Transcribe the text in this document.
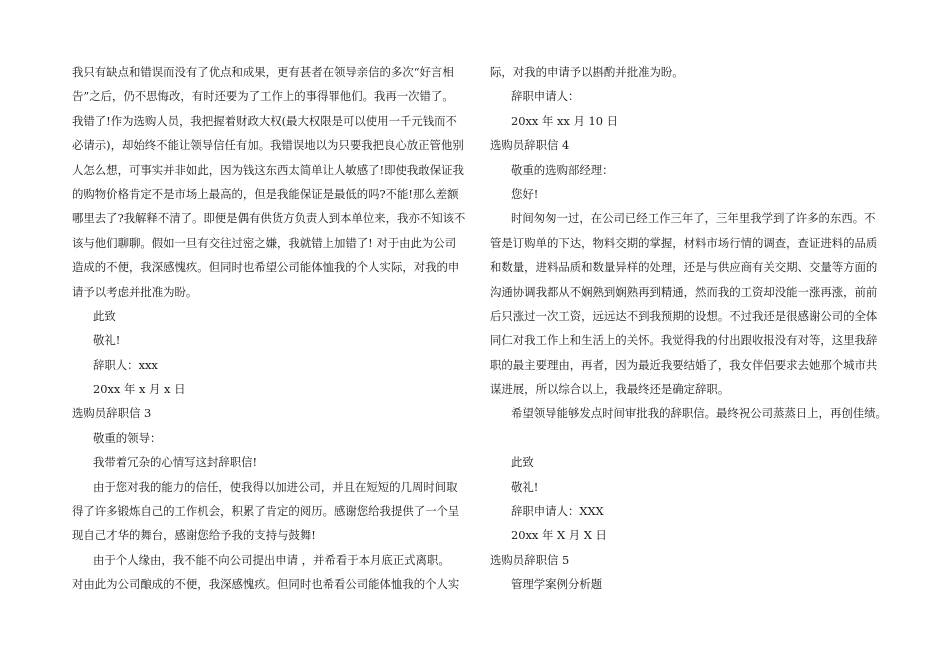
我只有缺点和错误而没有了优点和成果，更有甚者在领导亲信的多次“好言相
告”之后，仍不思悔改，有时还要为了工作上的事得罪他们。我再一次错了。
我错了!作为选购人员，我把握着财政大权(最大权限是可以使用一千元钱而不
必请示)，却始终不能让领导信任有加。我错误地以为只要我把良心放正管他别
人怎么想，可事实并非如此，因为钱这东西太简单让人敏感了!即使我敢保证我
的购物价格肯定不是市场上最高的，但是我能保证是最低的吗?不能!那么差额
哪里去了?我解释不清了。即便是偶有供货方负责人到本单位来，我亦不知该不
该与他们聊聊。假如一旦有交往过密之嫌，我就错上加错了! 对于由此为公司
造成的不便，我深感愧疚。但同时也希望公司能体恤我的个人实际，对我的申
请予以考虑并批准为盼。
此致
敬礼!
辞职人：xxx
20xx 年 x 月 x 日
选购员辞职信 3
敬重的领导：
我带着冗杂的心情写这封辞职信!
由于您对我的能力的信任，使我得以加进公司，并且在短短的几周时间取
得了许多锻炼自己的工作机会，积累了肯定的阅历。感谢您给我提供了一个呈
现自己才华的舞台，感谢您给予我的支持与鼓舞!
由于个人缘由，我不能不向公司提出申请 ，并希看于本月底正式离职。
对由此为公司酿成的不便，我深感愧疚。但同时也希看公司能体恤我的个人实
际，对我的申请予以斟酌并批准为盼。
辞职申请人：
20xx 年 xx 月 10 日
选购员辞职信 4
敬重的选购部经理：
您好!
时间匆匆一过，在公司已经工作三年了，三年里我学到了许多的东西。不
管是订购单的下达，物料交期的掌握，材料市场行情的调查，查证进料的品质
和数量，进料品质和数量异样的处理，还是与供应商有关交期、交量等方面的
沟通协调我都从不娴熟到娴熟再到精通，然而我的工资却没能一涨再涨，前前
后只涨过一次工资，远远达不到我预期的设想。不过我还是很感谢公司的全体
同仁对我工作上和生活上的关怀。我觉得我的付出跟收报没有对等，这里我辞
职的最主要理由，再者，因为最近我要结婚了，我女伴侣要求去她那个城市共
谋进展，所以综合以上，我最终还是确定辞职。
希望领导能够发点时间审批我的辞职信。最终祝公司蒸蒸日上，再创佳绩。
此致
敬礼!
辞职申请人：XXX
20xx 年 X 月 X 日
选购员辞职信 5
管理学案例分析题
